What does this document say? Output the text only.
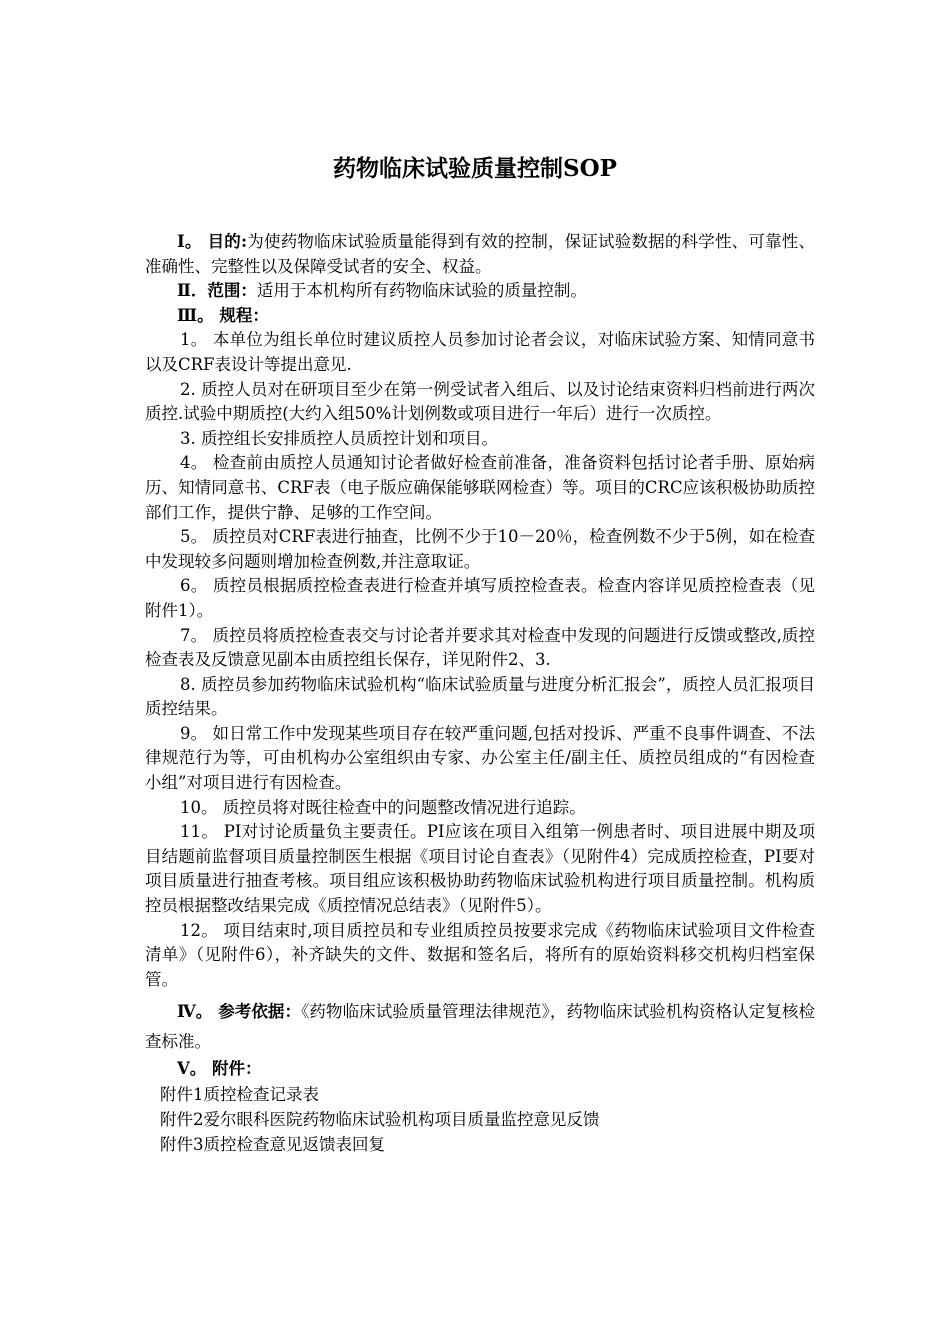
药物临床试验质量控制SOP

Ⅰ。 目的:为使药物临床试验质量能得到有效的控制，保证试验数据的科学性、可靠性、准确性、完整性以及保障受试者的安全、权益。

Ⅱ．范围：适用于本机构所有药物临床试验的质量控制。

Ⅲ。 规程：

1。 本单位为组长单位时建议质控人员参加讨论者会议，对临床试验方案、知情同意书以及CRF表设计等提出意见.

2. 质控人员对在研项目至少在第一例受试者入组后、以及讨论结束资料归档前进行两次质控.试验中期质控(大约入组50%计划例数或项目进行一年后）进行一次质控。

3. 质控组长安排质控人员质控计划和项目。

4。 检查前由质控人员通知讨论者做好检查前准备，准备资料包括讨论者手册、原始病历、知情同意书、CRF表（电子版应确保能够联网检查）等。项目的CRC应该积极协助质控部们工作，提供宁静、足够的工作空间。

5。 质控员对CRF表进行抽查，比例不少于10－20％，检查例数不少于5例，如在检查中发现较多问题则增加检查例数,并注意取证。

6。 质控员根据质控检查表进行检查并填写质控检查表。检查内容详见质控检查表（见附件1）。

7。 质控员将质控检查表交与讨论者并要求其对检查中发现的问题进行反馈或整改,质控检查表及反馈意见副本由质控组长保存，详见附件2、3.

8. 质控员参加药物临床试验机构“临床试验质量与进度分析汇报会”，质控人员汇报项目质控结果。

9。 如日常工作中发现某些项目存在较严重问题,包括对投诉、严重不良事件调查、不法律规范行为等，可由机构办公室组织由专家、办公室主任/副主任、质控员组成的“有因检查小组”对项目进行有因检查。

10。 质控员将对既往检查中的问题整改情况进行追踪。

11。 PI对讨论质量负主要责任。PI应该在项目入组第一例患者时、项目进展中期及项目结题前监督项目质量控制医生根据《项目讨论自查表》（见附件4）完成质控检查，PI要对项目质量进行抽查考核。项目组应该积极协助药物临床试验机构进行项目质量控制。机构质控员根据整改结果完成《质控情况总结表》（见附件5）。

12。 项目结束时,项目质控员和专业组质控员按要求完成《药物临床试验项目文件检查清单》（见附件6），补齐缺失的文件、数据和签名后，将所有的原始资料移交机构归档室保管。

Ⅳ。 参考依据：《药物临床试验质量管理法律规范》，药物临床试验机构资格认定复核检查标准。

Ⅴ。 附件：

附件1质控检查记录表

附件2爱尔眼科医院药物临床试验机构项目质量监控意见反馈

附件3质控检查意见返馈表回复
